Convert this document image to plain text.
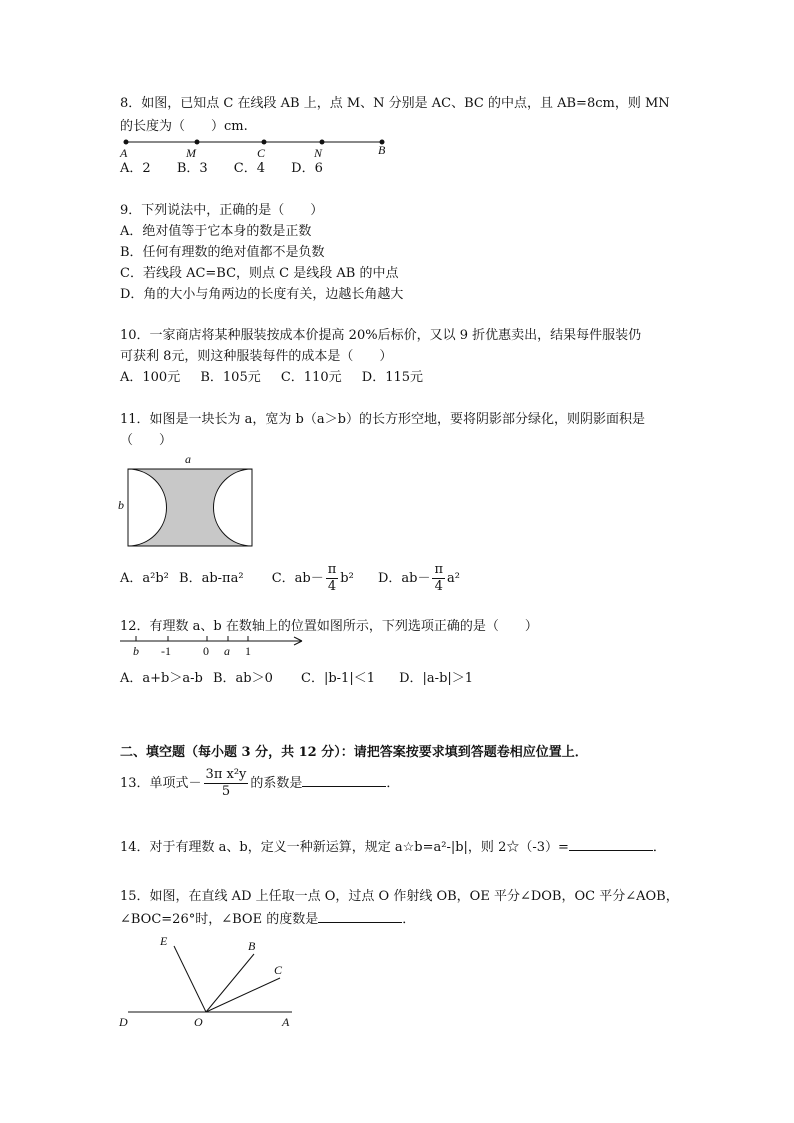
8．如图，已知点 C 在线段 AB 上，点 M、N 分别是 AC、BC 的中点，且 AB=8cm，则 MN
的长度为（　　）cm.
A	M	C	N	B
A．2 B．3 C．4 D．6
9．下列说法中，正确的是（　　）
A．绝对值等于它本身的数是正数
B．任何有理数的绝对值都不是负数
C．若线段 AC=BC，则点 C 是线段 AB 的中点
D．角的大小与角两边的长度有关，边越长角越大
10．一家商店将某种服装按成本价提高 20%后标价，又以 9 折优惠卖出，结果每件服装仍
可获利 8元，则这种服装每件的成本是（　　）
A．100元 B．105元 C．110元 D．115元
11．如图是一块长为 a，宽为 b（a＞b）的长方形空地，要将阴影部分绿化，则阴影面积是
（　　）
a
b
A．a²b² B．ab-πa² C．$ab- \frac{\pi}{4} b^2$ D．$ab- \frac{\pi}{4} a^2$
12．有理数 a、b 在数轴上的位置如图所示，下列选项正确的是（　　）
b -1	0 a 1
A．a+b＞a-b B．ab＞0 C．|b-1|＜1 D．|a-b|＞1
二、填空题（每小题 3 分，共 12 分）：请把答案按要求填到答题卷相应位置上．
13．单项式－ $\frac{\text{3π x²y}}{5}$ 的系数是	．
14．对于有理数 a、b，定义一种新运算，规定 a☆b=a²-|b|，则 2☆（-3）=	．
15．如图，在直线 AD 上任取一点 O，过点 O 作射线 OB，OE 平分∠DOB，OC 平分∠AOB，
∠BOC=26°时，∠BOE 的度数是	．
E	B
C
D	O	A
